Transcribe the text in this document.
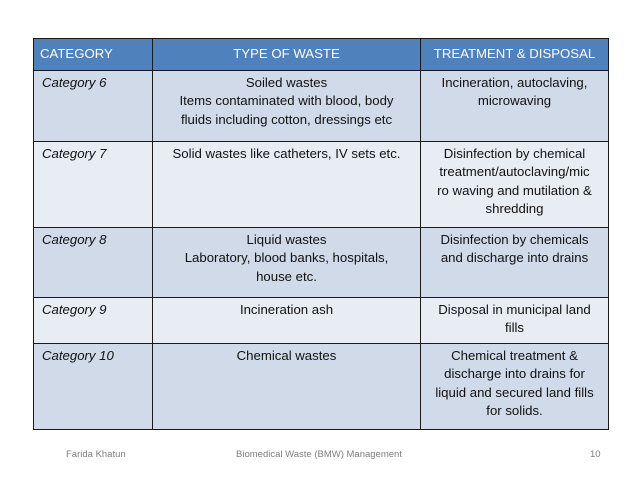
CATEGORY	TYPE OF WASTE	TREATMENT & DISPOSAL
Category 6	Soiled wastes
Items contaminated with blood, body
fluids including cotton, dressings etc	Incineration, autoclaving,
microwaving

Category 7	Solid wastes like catheters, IV sets etc.	Disinfection by chemical
treatment/autoclaving/mic
ro waving and mutilation &
shredding

Category 8	Liquid wastes
Laboratory, blood banks, hospitals,
house etc.	Disinfection by chemicals
and discharge into drains

Category 9	Incineration ash	Disposal in municipal land
fills

Category 10	Chemical wastes	Chemical treatment &
discharge into drains for
liquid and secured land fills
for solids.
Farida Khatun	Biomedical Waste (BMW) Management	10
